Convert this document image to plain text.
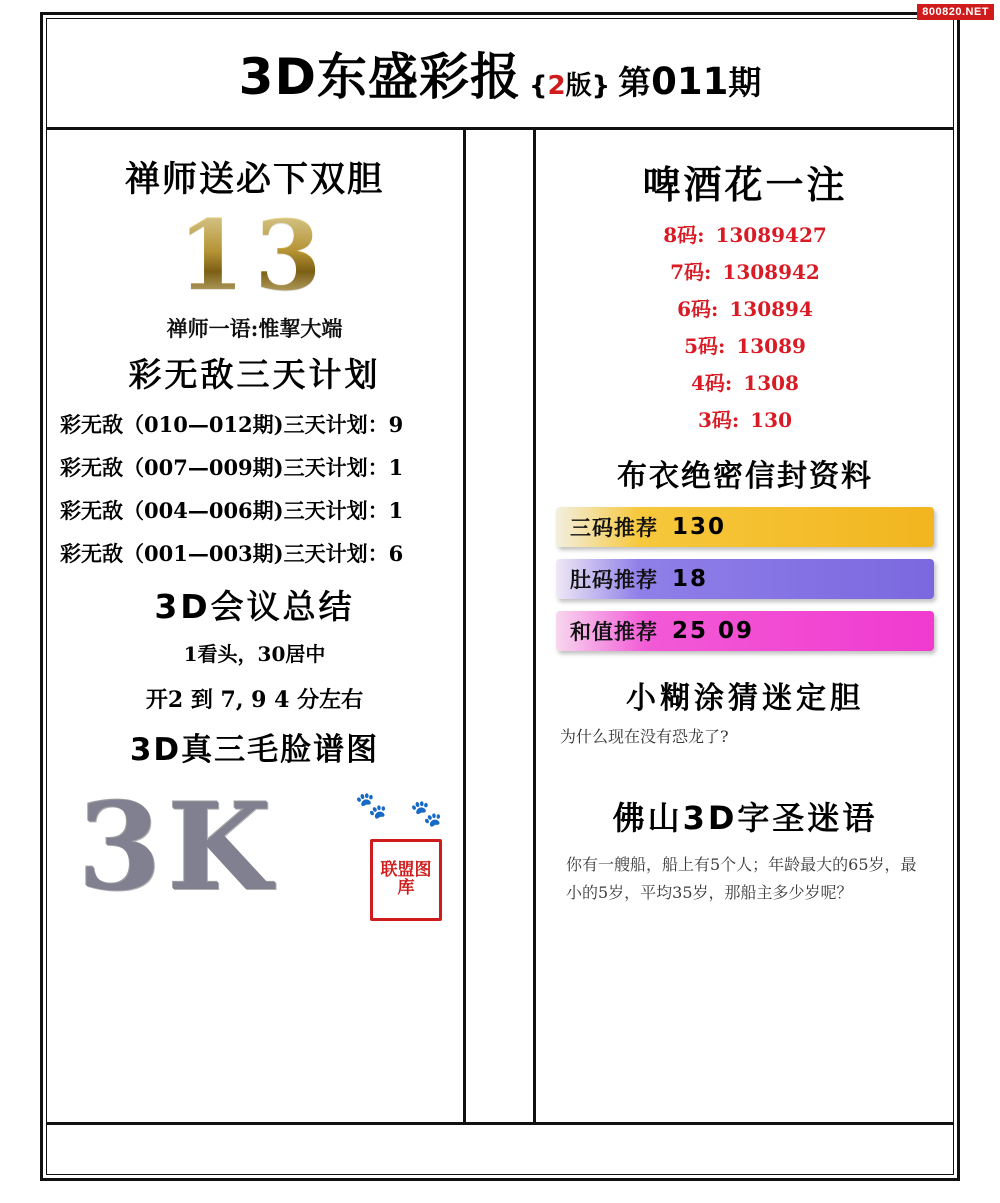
800820.NET
3D东盛彩报 {2版} 第011期
禅师送必下双胆
13
禅师一语:惟挈大端
彩无敌三天计划
彩无敌（010—012期)三天计划：9
彩无敌（007—009期)三天计划：1
彩无敌（004—006期)三天计划：1
彩无敌（001—003期)三天计划：6
3D会议总结
1看头，30居中
开2 到 7, 9 4 分左右
3D真三毛脸谱图
3K	🐾 🐾
联盟图库
啤酒花一注
8码: 13089427
7码: 1308942
6码: 130894
5码: 13089
4码: 1308
3码: 130
布衣绝密信封资料
三码推荐 130
肚码推荐 18
和值推荐 25 09
小糊涂猜迷定胆
为什么现在没有恐龙了?
佛山3D字圣迷语
你有一艘船，船上有5个人；年龄最大的65岁，最小的5岁，平均35岁，那船主多少岁呢？
